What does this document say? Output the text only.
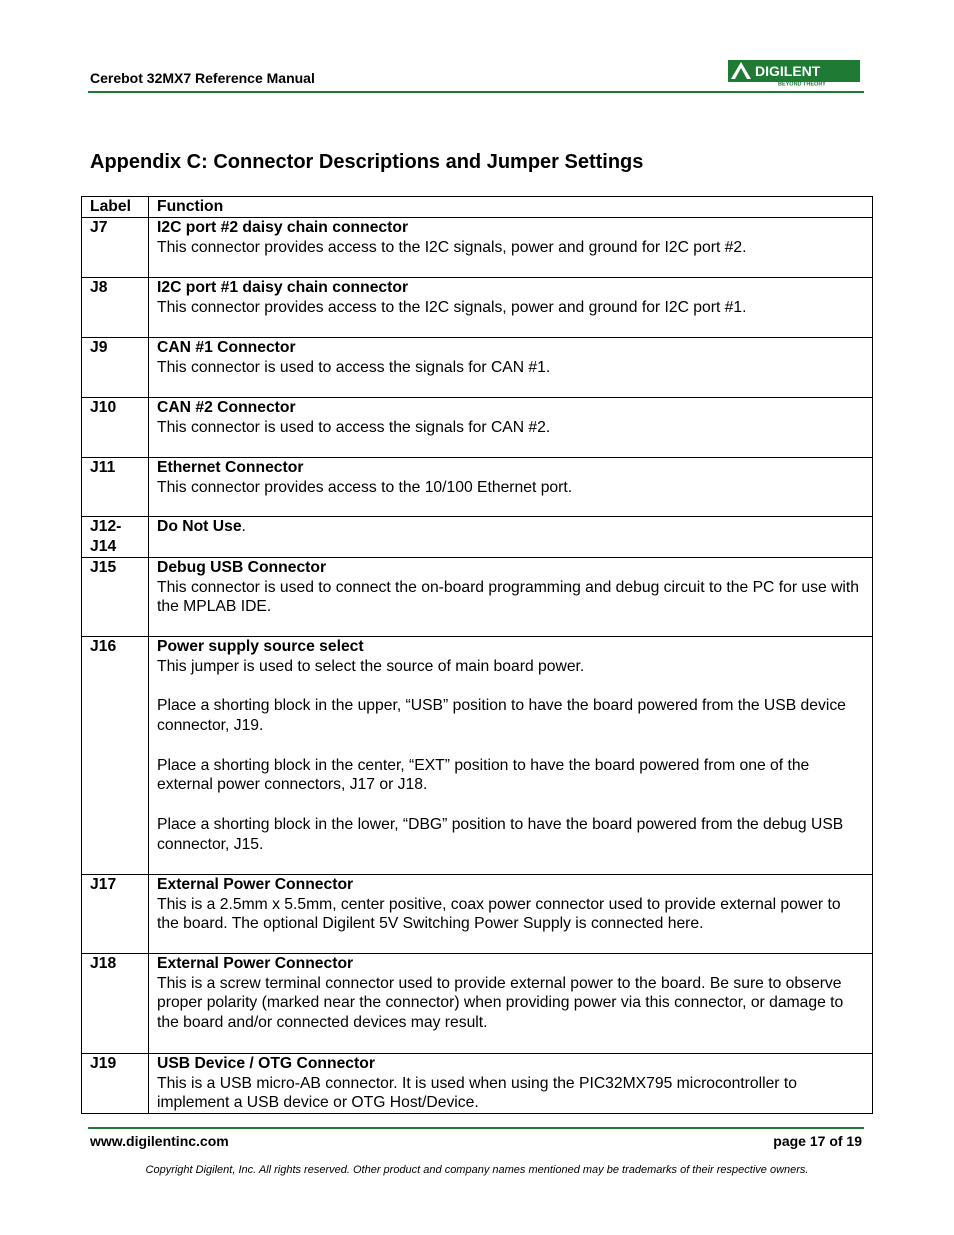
Cerebot 32MX7 Reference Manual	DIGILENT
BEYOND THEORY
Appendix C: Connector Descriptions and Jumper Settings
Label	Function
J7	I2C port #2 daisy chain connector
This connector provides access to the I2C signals, power and ground for I2C port #2.

J8	I2C port #1 daisy chain connector
This connector provides access to the I2C signals, power and ground for I2C port #1.

J9	CAN #1 Connector
This connector is used to access the signals for CAN #1.

J10	CAN #2 Connector
This connector is used to access the signals for CAN #2.

J11	Ethernet Connector
This connector provides access to the 10/100 Ethernet port.

J12-J14	Do Not Use.

J15	Debug USB Connector
This connector is used to connect the on-board programming and debug circuit to the PC for use with the MPLAB IDE.

J16	Power supply source select
This jumper is used to select the source of main board power.
Place a shorting block in the upper, “USB” position to have the board powered from the USB device connector, J19.
Place a shorting block in the center, “EXT” position to have the board powered from one of the external power connectors, J17 or J18.
Place a shorting block in the lower, “DBG” position to have the board powered from the debug USB connector, J15.

J17	External Power Connector
This is a 2.5mm x 5.5mm, center positive, coax power connector used to provide external power to the board. The optional Digilent 5V Switching Power Supply is connected here.

J18	External Power Connector
This is a screw terminal connector used to provide external power to the board. Be sure to observe proper polarity (marked near the connector) when providing power via this connector, or damage to the board and/or connected devices may result.

J19	USB Device / OTG Connector
This is a USB micro-AB connector. It is used when using the PIC32MX795 microcontroller to implement a USB device or OTG Host/Device.
www.digilentinc.com	page 17 of 19
Copyright Digilent, Inc. All rights reserved. Other product and company names mentioned may be trademarks of their respective owners.
